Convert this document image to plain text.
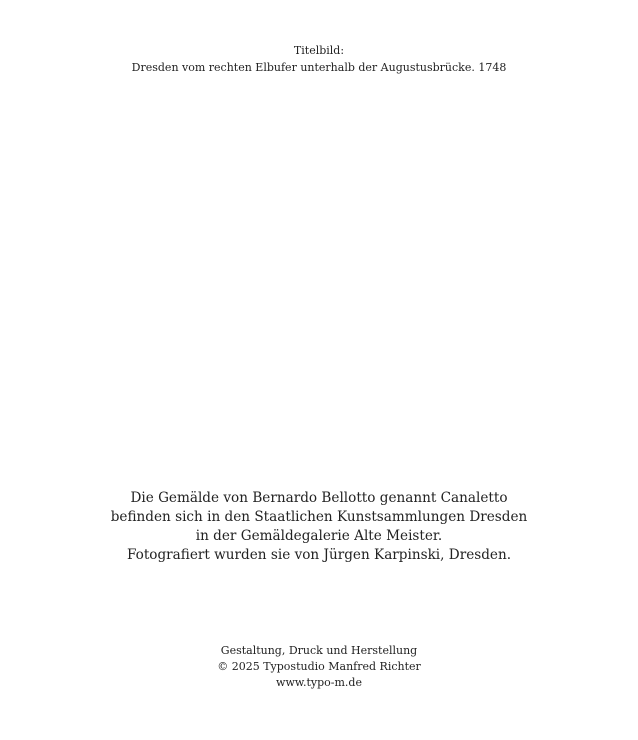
Titelbild:
Dresden vom rechten Elbufer unterhalb der Augustusbrücke. 1748
Die Gemälde von Bernardo Bellotto genannt Canaletto
befinden sich in den Staatlichen Kunstsammlungen Dresden
in der Gemäldegalerie Alte Meister.
Fotografiert wurden sie von Jürgen Karpinski, Dresden.
Gestaltung, Druck und Herstellung
© 2025 Typostudio Manfred Richter
www.typo-m.de
